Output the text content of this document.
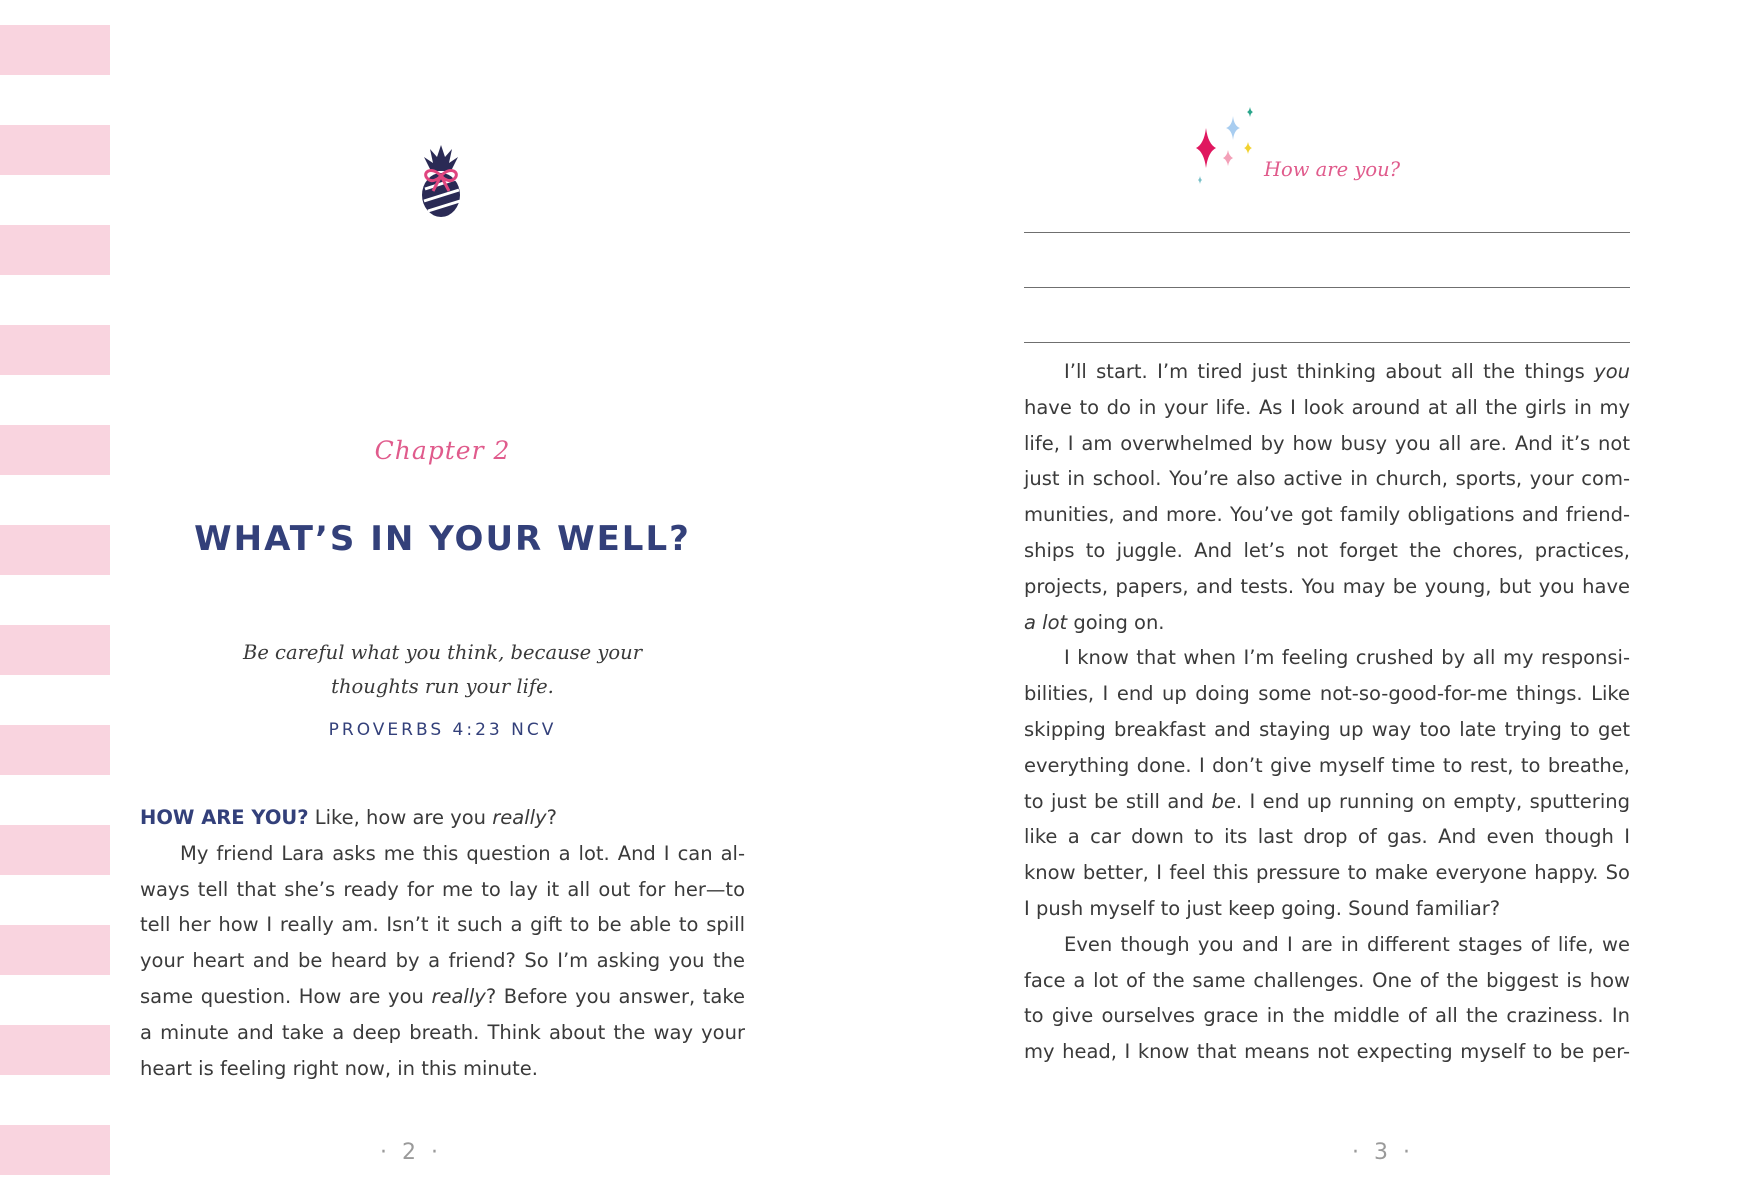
Chapter 2
WHAT’S IN YOUR WELL?
Be careful what you think, because your
thoughts run your life.
PROVERBS 4:23 NCV
HOW ARE YOU? Like, how are you really?
My friend Lara asks me this question a lot. And I can al-
ways tell that she’s ready for me to lay it all out for her—to
tell her how I really am. Isn’t it such a gift to be able to spill
your heart and be heard by a friend? So I’m asking you the
same question. How are you really? Before you answer, take
a minute and take a deep breath. Think about the way your
heart is feeling right now, in this minute.
· 2 ·
How are you?
I’ll start. I’m tired just thinking about all the things you
have to do in your life. As I look around at all the girls in my
life, I am overwhelmed by how busy you all are. And it’s not
just in school. You’re also active in church, sports, your com-
munities, and more. You’ve got family obligations and friend-
ships to juggle. And let’s not forget the chores, practices,
projects, papers, and tests. You may be young, but you have
a lot going on.
I know that when I’m feeling crushed by all my responsi-
bilities, I end up doing some not-so-good-for-me things. Like
skipping breakfast and staying up way too late trying to get
everything done. I don’t give myself time to rest, to breathe,
to just be still and be. I end up running on empty, sputtering
like a car down to its last drop of gas. And even though I
know better, I feel this pressure to make everyone happy. So
I push myself to just keep going. Sound familiar?
Even though you and I are in different stages of life, we
face a lot of the same challenges. One of the biggest is how
to give ourselves grace in the middle of all the craziness. In
my head, I know that means not expecting myself to be per-
· 3 ·
